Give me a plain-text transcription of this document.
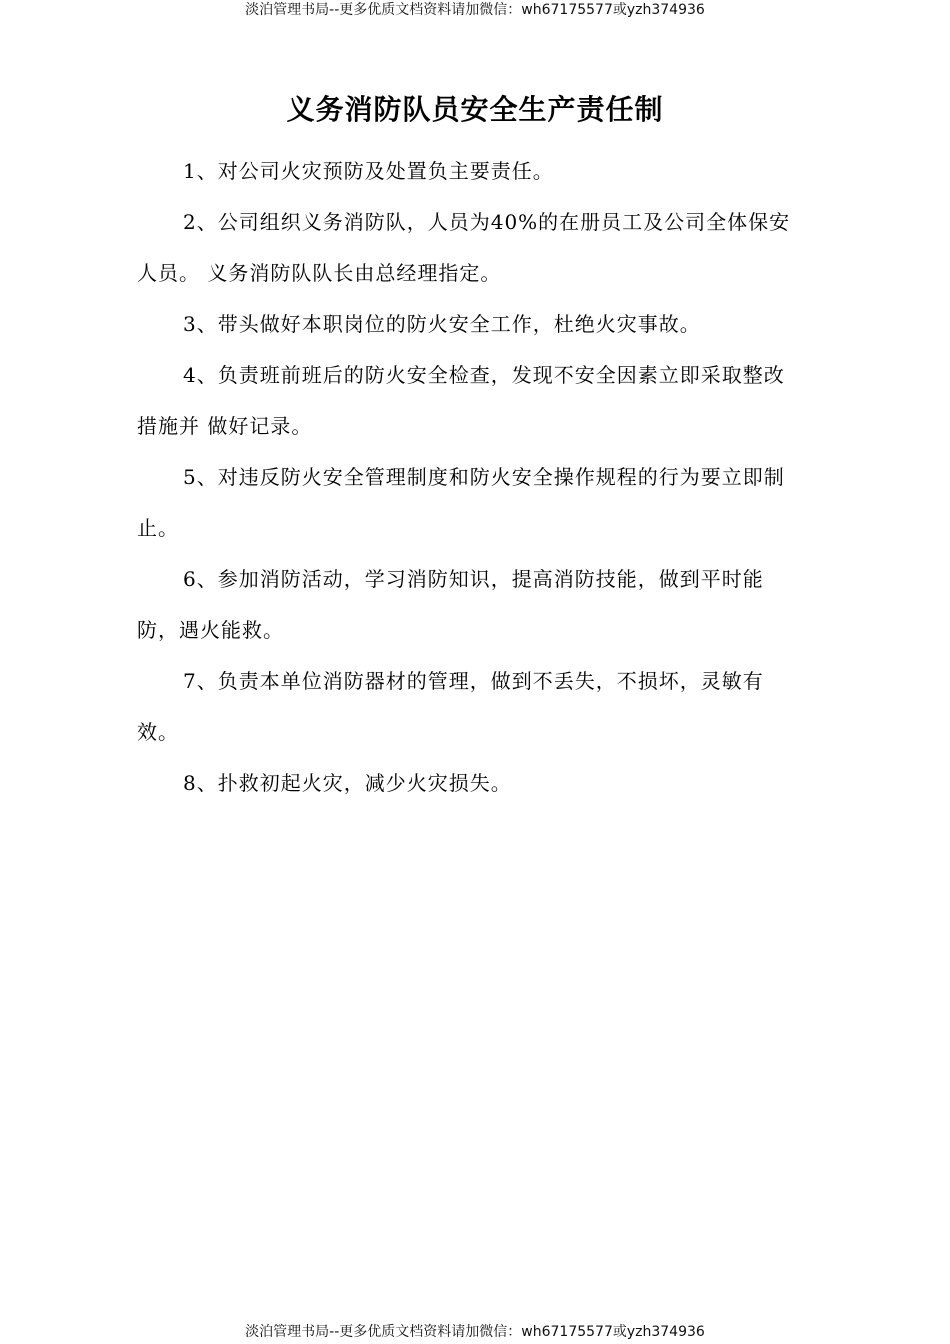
淡泊管理书局--更多优质文档资料请加微信：wh67175577或yzh374936
义务消防队员安全生产责任制

1、对公司火灾预防及处置负主要责任。

2、公司组织义务消防队，人员为40%的在册员工及公司全体保安人员。 义务消防队队长由总经理指定。

3、带头做好本职岗位的防火安全工作，杜绝火灾事故。

4、负责班前班后的防火安全检查，发现不安全因素立即采取整改措施并 做好记录。

5、对违反防火安全管理制度和防火安全操作规程的行为要立即制止。

6、参加消防活动，学习消防知识，提高消防技能，做到平时能防，遇火能救。

7、负责本单位消防器材的管理，做到不丢失，不损坏，灵敏有效。

8、扑救初起火灾，减少火灾损失。

淡泊管理书局--更多优质文档资料请加微信：wh67175577或yzh374936
